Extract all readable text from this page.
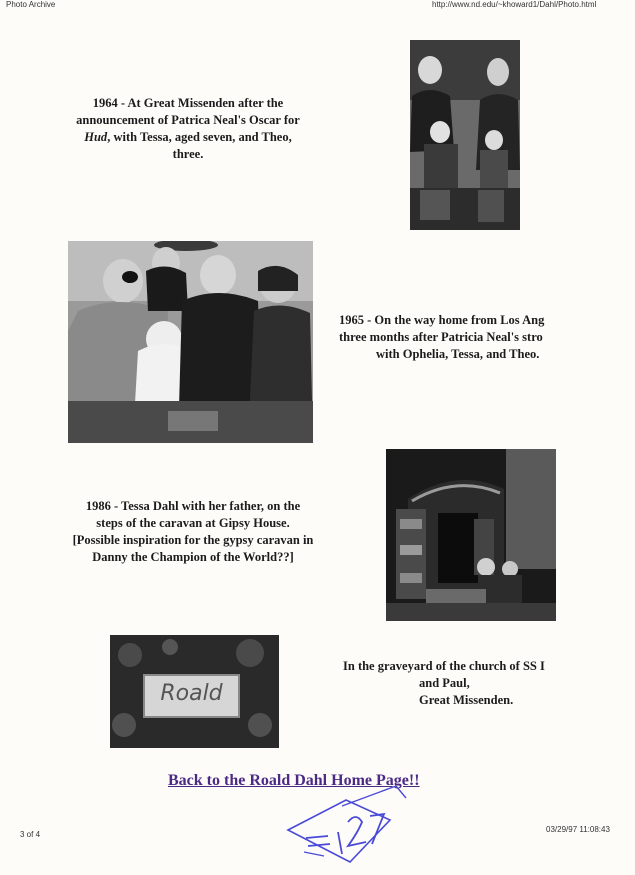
Photo Archive	http://www.nd.edu/~khoward1/Dahl/Photo.html
1964 - At Great Missenden after the
announcement of Patrica Neal's Oscar for
Hud, with Tessa, aged seven, and Theo,
three.
1965 - On the way home from Los Ang
three months after Patricia Neal's stro
with Ophelia, Tessa, and Theo.
1986 - Tessa Dahl with her father, on the
steps of the caravan at Gipsy House.
[Possible inspiration for the gypsy caravan in
Danny the Champion of the World??]
Roald
In the graveyard of the church of SS I
and Paul,
Great Missenden.
Back to the Roald Dahl Home Page!!
3 of 4
03/29/97 11:08:43
